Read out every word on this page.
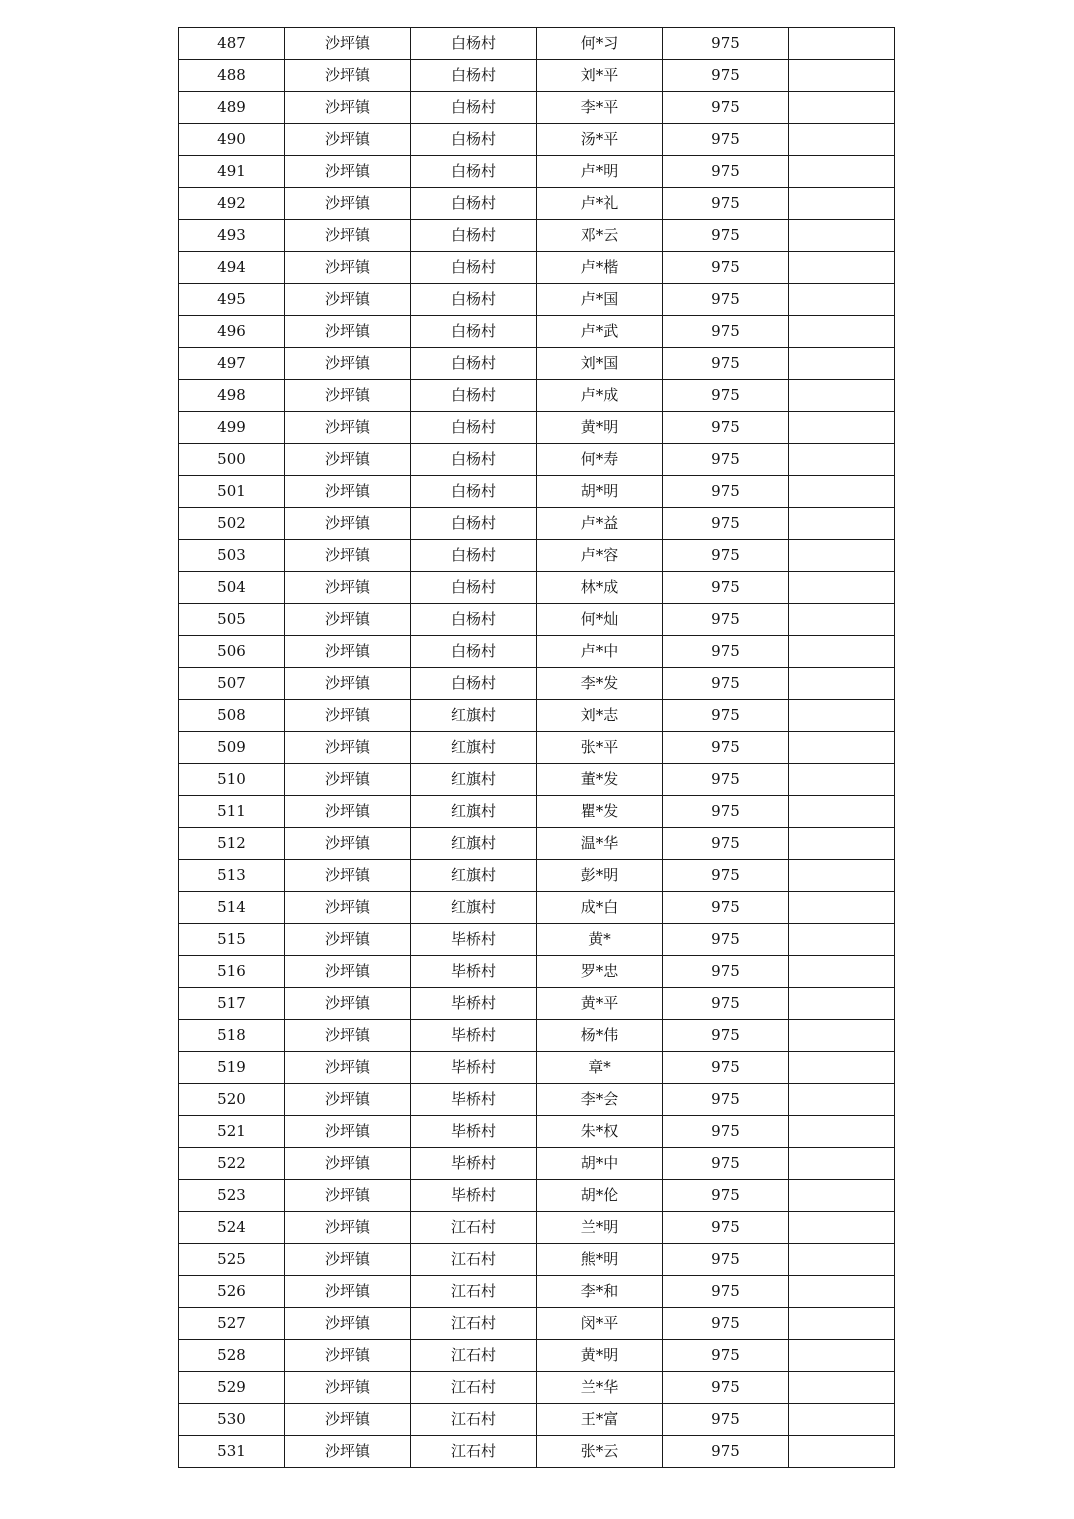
487	沙坪镇	白杨村	何*习	975	
488	沙坪镇	白杨村	刘*平	975	
489	沙坪镇	白杨村	李*平	975	
490	沙坪镇	白杨村	汤*平	975	
491	沙坪镇	白杨村	卢*明	975	
492	沙坪镇	白杨村	卢*礼	975	
493	沙坪镇	白杨村	邓*云	975	
494	沙坪镇	白杨村	卢*楷	975	
495	沙坪镇	白杨村	卢*国	975	
496	沙坪镇	白杨村	卢*武	975	
497	沙坪镇	白杨村	刘*国	975	
498	沙坪镇	白杨村	卢*成	975	
499	沙坪镇	白杨村	黄*明	975	
500	沙坪镇	白杨村	何*寿	975	
501	沙坪镇	白杨村	胡*明	975	
502	沙坪镇	白杨村	卢*益	975	
503	沙坪镇	白杨村	卢*容	975	
504	沙坪镇	白杨村	林*成	975	
505	沙坪镇	白杨村	何*灿	975	
506	沙坪镇	白杨村	卢*中	975	
507	沙坪镇	白杨村	李*发	975	
508	沙坪镇	红旗村	刘*志	975	
509	沙坪镇	红旗村	张*平	975	
510	沙坪镇	红旗村	董*发	975	
511	沙坪镇	红旗村	瞿*发	975	
512	沙坪镇	红旗村	温*华	975	
513	沙坪镇	红旗村	彭*明	975	
514	沙坪镇	红旗村	成*白	975	
515	沙坪镇	毕桥村	黄*	975	
516	沙坪镇	毕桥村	罗*忠	975	
517	沙坪镇	毕桥村	黄*平	975	
518	沙坪镇	毕桥村	杨*伟	975	
519	沙坪镇	毕桥村	章*	975	
520	沙坪镇	毕桥村	李*会	975	
521	沙坪镇	毕桥村	朱*权	975	
522	沙坪镇	毕桥村	胡*中	975	
523	沙坪镇	毕桥村	胡*伦	975	
524	沙坪镇	江石村	兰*明	975	
525	沙坪镇	江石村	熊*明	975	
526	沙坪镇	江石村	李*和	975	
527	沙坪镇	江石村	闵*平	975	
528	沙坪镇	江石村	黄*明	975	
529	沙坪镇	江石村	兰*华	975	
530	沙坪镇	江石村	王*富	975	
531	沙坪镇	江石村	张*云	975	
